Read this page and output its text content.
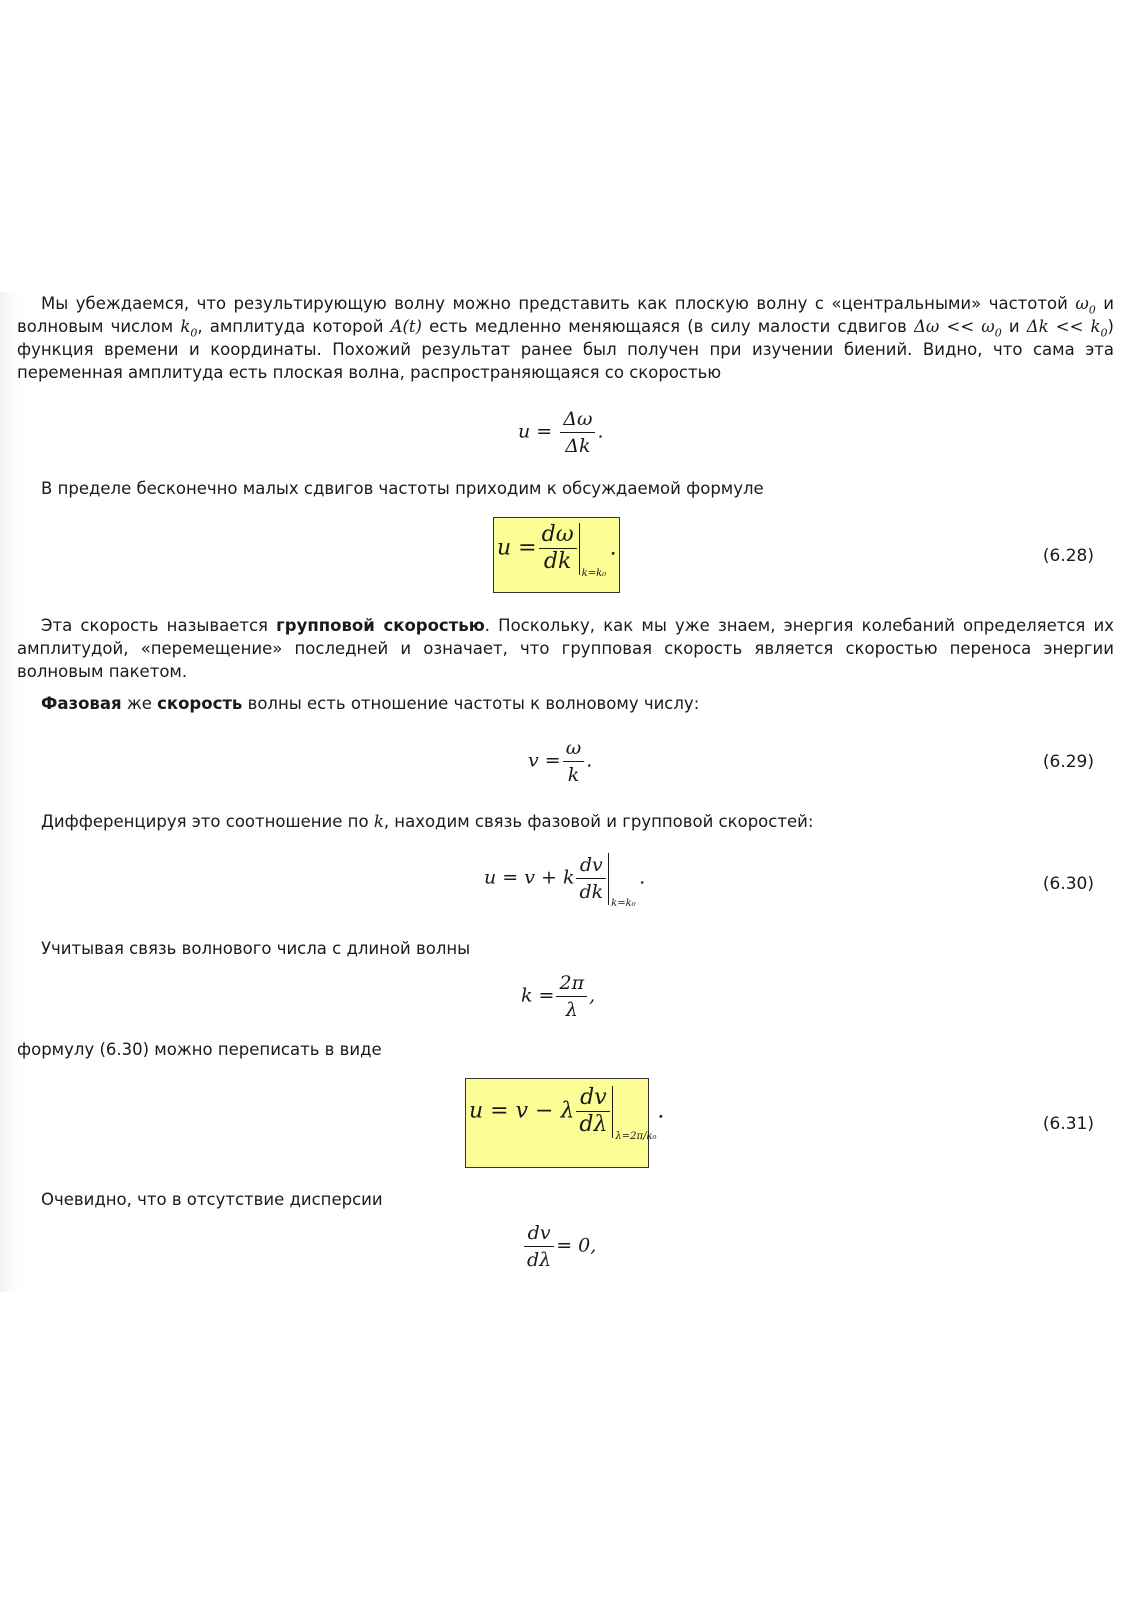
Мы убеждаемся, что результирующую волну можно представить как плоскую волну с «центральными» частотой $\omega_0$ и волновым числом $k_0$, амплитуда которой A(t) есть медленно меняющаяся (в силу малости сдвигов $\Delta\omega << \omega_0$ и $\Delta k << k_0$) функция времени и координаты. Похожий результат ранее был получен при изучении биений. Видно, что сама эта переменная амплитуда есть плоская волна, распространяющаяся со скоростью

$u = \frac{\Delta\omega}{\Delta k}$ .

В пределе бесконечно малых сдвигов частоты приходим к обсуждаемой формуле

$u = \frac{d\omega}{dk} k=k_0$
.	(6.28)

Эта скорость называется групповой скоростью. Поскольку, как мы уже знаем, энергия колебаний определяется их амплитудой, «перемещение» последней и означает, что групповая скорость является скоростью переноса энергии волновым пакетом.

Фазовая же скорость волны есть отношение частоты к волновому числу:

$v = \frac{\omega}{k}$ .	(6.29)

Дифференцируя это соотношение по k, находим связь фазовой и групповой скоростей:

u = v + k $\frac{dv}{dk} k=k_0$
.	(6.30)

Учитывая связь волнового числа с длиной волны

$k = \frac{2\pi}{\lambda}$ ,

формулу (6.30) можно переписать в виде

u = v − λ $\frac{dv}{d\lambda} \lambda=2\pi/k_0$
.
(6.31)

Очевидно, что в отсутствие дисперсии

$\frac{dv}{d\lambda} = 0$,
